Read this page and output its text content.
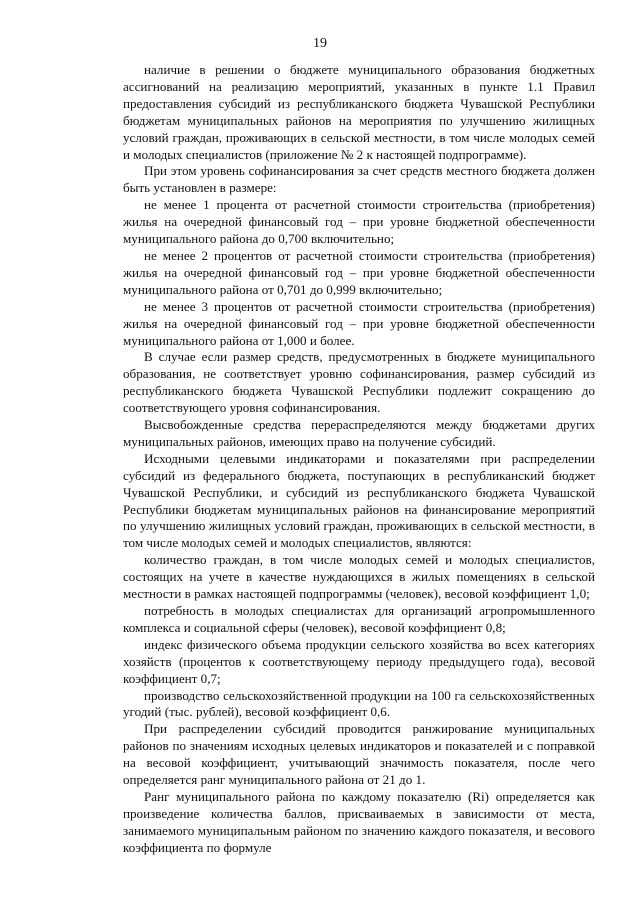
19

наличие в решении о бюджете муниципального образования бюджетных ассигнований на реализацию мероприятий, указанных в пункте 1.1 Правил предоставления субсидий из республиканского бюджета Чувашской Республики бюджетам муниципальных районов на мероприятия по улучшению жилищных условий граждан, проживающих в сельской местности, в том числе молодых семей и молодых специалистов (приложение № 2 к настоящей подпрограмме).

При этом уровень софинансирования за счет средств местного бюджета должен быть установлен в размере:

не менее 1 процента от расчетной стоимости строительства (приобретения) жилья на очередной финансовый год – при уровне бюджетной обеспеченности муниципального района до 0,700 включительно;

не менее 2 процентов от расчетной стоимости строительства (приобретения) жилья на очередной финансовый год – при уровне бюджетной обеспеченности муниципального района от 0,701 до 0,999 включительно;

не менее 3 процентов от расчетной стоимости строительства (приобретения) жилья на очередной финансовый год – при уровне бюджетной обеспеченности муниципального района от 1,000 и более.

В случае если размер средств, предусмотренных в бюджете муниципального образования, не соответствует уровню софинансирования, размер субсидий из республиканского бюджета Чувашской Республики подлежит сокращению до соответствующего уровня софинансирования.

Высвобожденные средства перераспределяются между бюджетами других муниципальных районов, имеющих право на получение субсидий.

Исходными целевыми индикаторами и показателями при распределении субсидий из федерального бюджета, поступающих в республиканский бюджет Чувашской Республики, и субсидий из республиканского бюджета Чувашской Республики бюджетам муниципальных районов на финансирование мероприятий по улучшению жилищных условий граждан, проживающих в сельской местности, в том числе молодых семей и молодых специалистов, являются:

количество граждан, в том числе молодых семей и молодых специалистов, состоящих на учете в качестве нуждающихся в жилых помещениях в сельской местности в рамках настоящей подпрограммы (человек), весовой коэффициент 1,0;

потребность в молодых специалистах для организаций агропромышленного комплекса и социальной сферы (человек), весовой коэффициент 0,8;

индекс физического объема продукции сельского хозяйства во всех категориях хозяйств (процентов к соответствующему периоду предыдущего года), весовой коэффициент 0,7;

производство сельскохозяйственной продукции на 100 га сельскохозяйственных угодий (тыс. рублей), весовой коэффициент 0,6.

При распределении субсидий проводится ранжирование муниципальных районов по значениям исходных целевых индикаторов и показателей и с поправкой на весовой коэффициент, учитывающий значимость показателя, после чего определяется ранг муниципального района от 21 до 1.

Ранг муниципального района по каждому показателю (Ri) определяется как произведение количества баллов, присваиваемых в зависимости от места, занимаемого муниципальным районом по значению каждого показателя, и весового коэффициента по формуле
